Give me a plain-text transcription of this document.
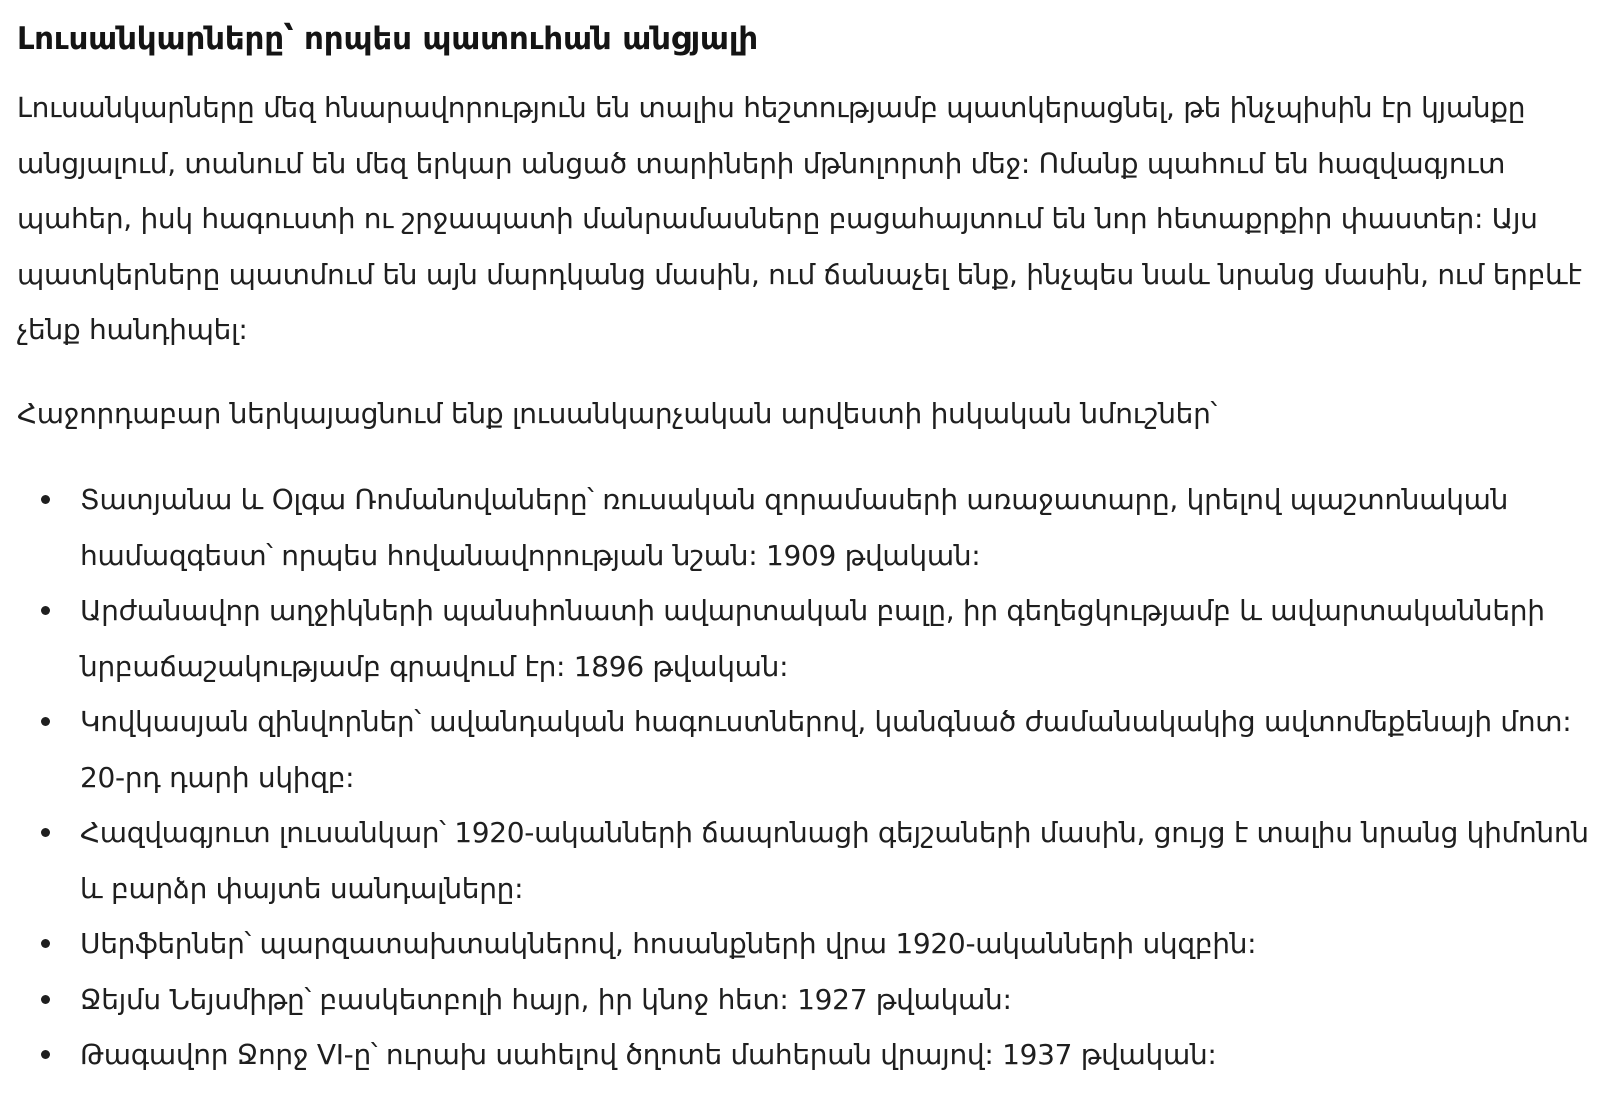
Լուսանկարները՝ որպես պատուհան անցյալի

Լուսանկարները մեզ հնարավորություն են տալիս հեշտությամբ պատկերացնել, թե ինչպիսին էր կյանքը անցյալում, տանում են մեզ երկար անցած տարիների մթնոլորտի մեջ: Ոմանք պահում են հազվագյուտ պահեր, իսկ հագուստի ու շրջապատի մանրամասները բացահայտում են նոր հետաքրքիր փաստեր: Այս պատկերները պատմում են այն մարդկանց մասին, ում ճանաչել ենք, ինչպես նաև նրանց մասին, ում երբևէ չենք հանդիպել:

Հաջորդաբար ներկայացնում ենք լուսանկարչական արվեստի իսկական նմուշներ՝

Տատյանա և Օլգա Ռոմանովաները՝ ռուսական զորամասերի առաջատարը, կրելով պաշտոնական համազգեստ՝ որպես հովանավորության նշան: 1909 թվական:
Արժանավոր աղջիկների պանսիոնատի ավարտական բալը, իր գեղեցկությամբ և ավարտականների նրբաճաշակությամբ գրավում էր: 1896 թվական:
Կովկասյան զինվորներ՝ ավանդական հագուստներով, կանգնած ժամանակակից ավտոմեքենայի մոտ: 20-րդ դարի սկիզբ:
Հազվագյուտ լուսանկար՝ 1920-ականների ճապոնացի գեյշաների մասին, ցույց է տալիս նրանց կիմոնոն և բարձր փայտե սանդալները:
Սերֆերներ՝ պարզատախտակներով, հոսանքների վրա 1920-ականների սկզբին:
Ջեյմս Նեյսմիթը՝ բասկետբոլի հայր, իր կնոջ հետ: 1927 թվական:
Թագավոր Ջորջ VI-ը՝ ուրախ սահելով ծղոտե մահերան վրայով: 1937 թվական:
